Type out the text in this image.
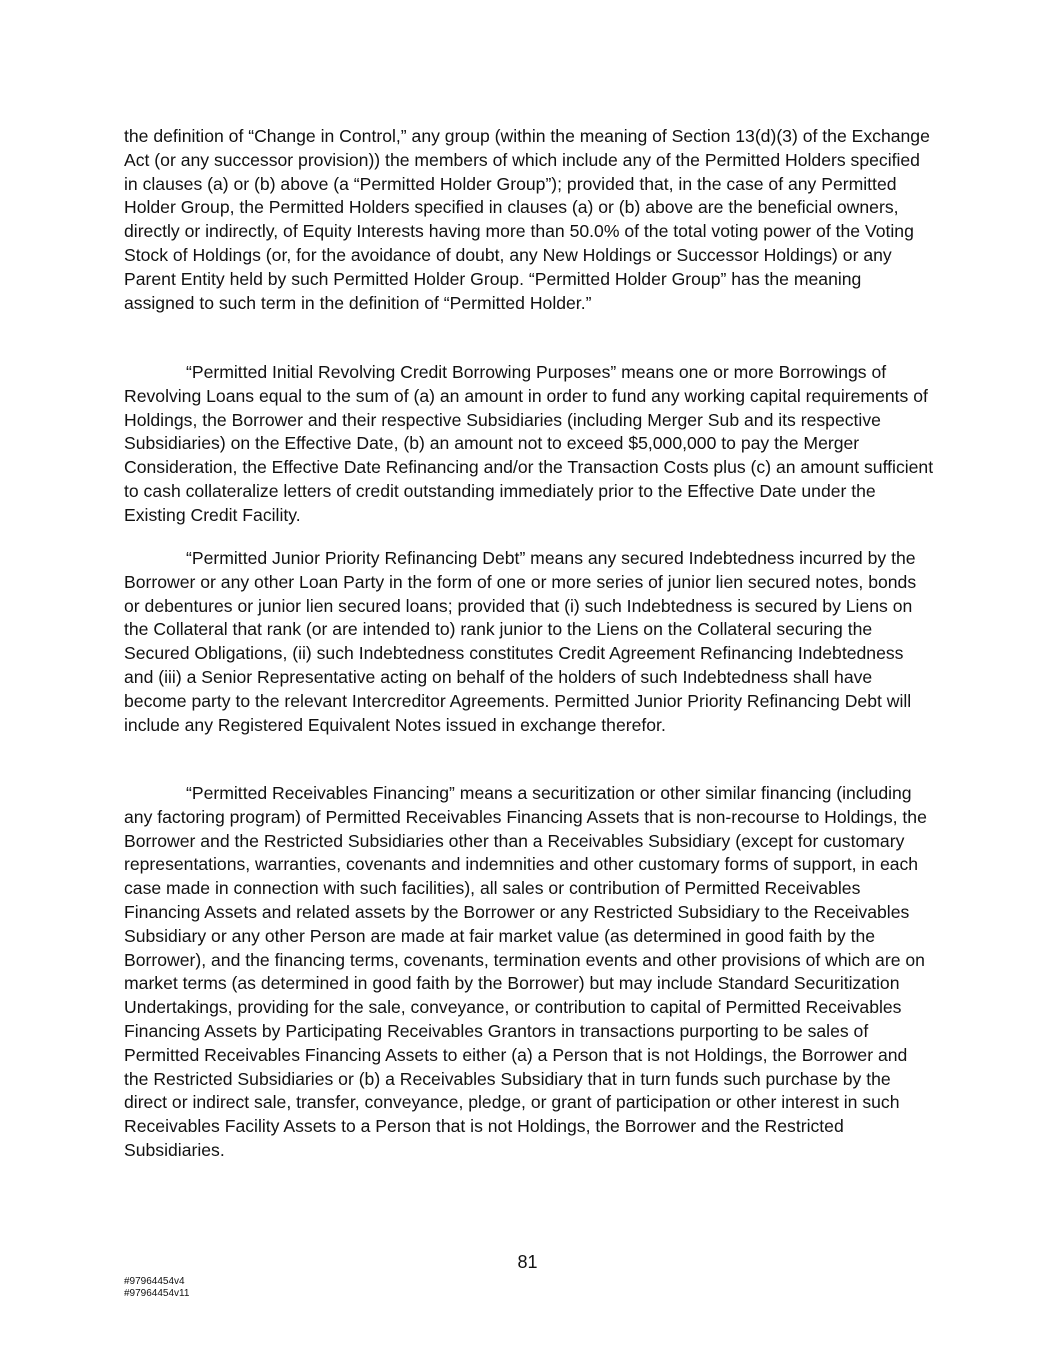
the definition of “Change in Control,” any group (within the meaning of Section 13(d)(3) of the Exchange Act (or any successor provision)) the members of which include any of the Permitted Holders specified in clauses (a) or (b) above (a “Permitted Holder Group”); provided that, in the case of any Permitted Holder Group, the Permitted Holders specified in clauses (a) or (b) above are the beneficial owners, directly or indirectly, of Equity Interests having more than 50.0% of the total voting power of the Voting Stock of Holdings (or, for the avoidance of doubt, any New Holdings or Successor Holdings) or any Parent Entity held by such Permitted Holder Group. “Permitted Holder Group” has the meaning assigned to such term in the definition of “Permitted Holder.”

“Permitted Initial Revolving Credit Borrowing Purposes” means one or more Borrowings of Revolving Loans equal to the sum of (a) an amount in order to fund any working capital requirements of Holdings, the Borrower and their respective Subsidiaries (including Merger Sub and its respective Subsidiaries) on the Effective Date, (b) an amount not to exceed $5,000,000 to pay the Merger Consideration, the Effective Date Refinancing and/or the Transaction Costs plus (c) an amount sufficient to cash collateralize letters of credit outstanding immediately prior to the Effective Date under the Existing Credit Facility.

“Permitted Junior Priority Refinancing Debt” means any secured Indebtedness incurred by the Borrower or any other Loan Party in the form of one or more series of junior lien secured notes, bonds or debentures or junior lien secured loans; provided that (i) such Indebtedness is secured by Liens on the Collateral that rank (or are intended to) rank junior to the Liens on the Collateral securing the Secured Obligations, (ii) such Indebtedness constitutes Credit Agreement Refinancing Indebtedness and (iii) a Senior Representative acting on behalf of the holders of such Indebtedness shall have become party to the relevant Intercreditor Agreements. Permitted Junior Priority Refinancing Debt will include any Registered Equivalent Notes issued in exchange therefor.

“Permitted Receivables Financing” means a securitization or other similar financing (including any factoring program) of Permitted Receivables Financing Assets that is non-recourse to Holdings, the Borrower and the Restricted Subsidiaries other than a Receivables Subsidiary (except for customary representations, warranties, covenants and indemnities and other customary forms of support, in each case made in connection with such facilities), all sales or contribution of Permitted Receivables Financing Assets and related assets by the Borrower or any Restricted Subsidiary to the Receivables Subsidiary or any other Person are made at fair market value (as determined in good faith by the Borrower), and the financing terms, covenants, termination events and other provisions of which are on market terms (as determined in good faith by the Borrower) but may include Standard Securitization Undertakings, providing for the sale, conveyance, or contribution to capital of Permitted Receivables Financing Assets by Participating Receivables Grantors in transactions purporting to be sales of Permitted Receivables Financing Assets to either (a) a Person that is not Holdings, the Borrower and the Restricted Subsidiaries or (b) a Receivables Subsidiary that in turn funds such purchase by the direct or indirect sale, transfer, conveyance, pledge, or grant of participation or other interest in such Receivables Facility Assets to a Person that is not Holdings, the Borrower and the Restricted Subsidiaries.

81
#97964454v4
#97964454v11
